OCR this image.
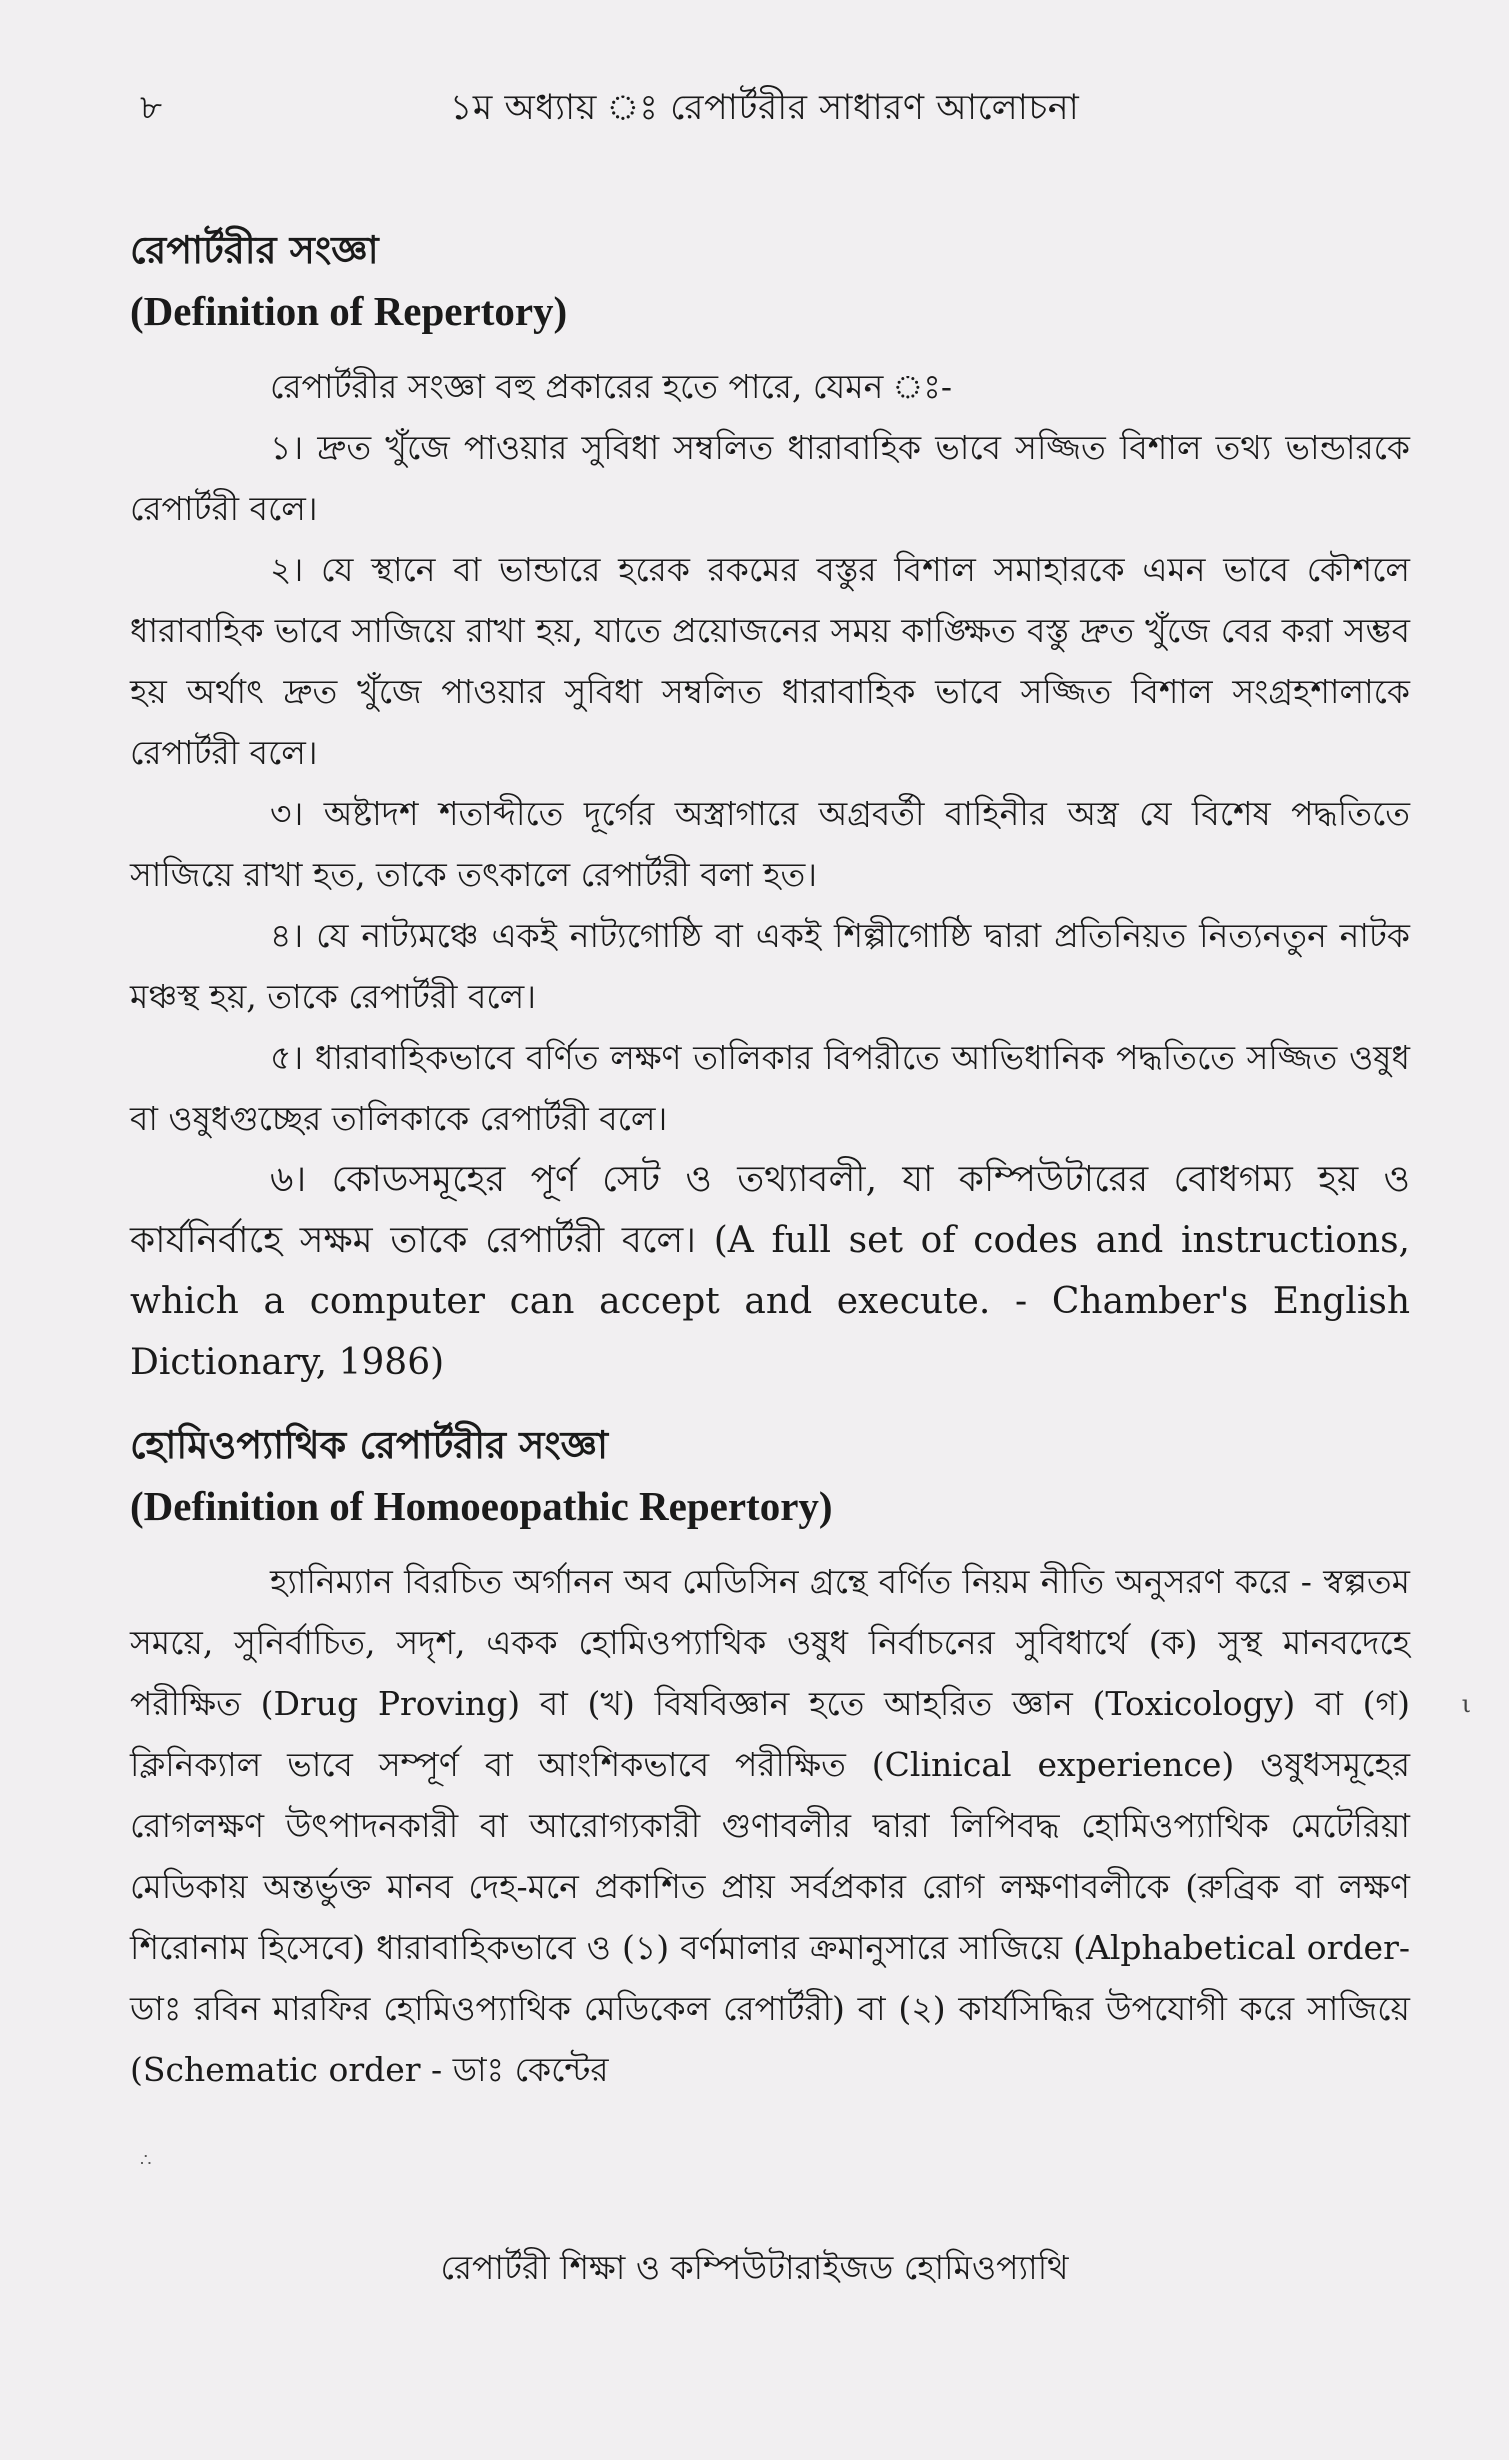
৮	১ম অধ্যায় ঃ রেপার্টরীর সাধারণ আলোচনা
রেপার্টরীর সংজ্ঞা
(Definition of Repertory)

রেপার্টরীর সংজ্ঞা বহু প্রকারের হতে পারে, যেমন ঃ-

১। দ্রুত খুঁজে পাওয়ার সুবিধা সম্বলিত ধারাবাহিক ভাবে সজ্জিত বিশাল তথ্য ভান্ডারকে রেপার্টরী বলে।

২। যে স্থানে বা ভান্ডারে হরেক রকমের বস্তুর বিশাল সমাহারকে এমন ভাবে কৌশলে ধারাবাহিক ভাবে সাজিয়ে রাখা হয়, যাতে প্রয়োজনের সময় কাঙ্ক্ষিত বস্তু দ্রুত খুঁজে বের করা সম্ভব হয় অর্থাৎ দ্রুত খুঁজে পাওয়ার সুবিধা সম্বলিত ধারাবাহিক ভাবে সজ্জিত বিশাল সংগ্রহশালাকে রেপার্টরী বলে।

৩। অষ্টাদশ শতাব্দীতে দূর্গের অস্ত্রাগারে অগ্রবর্তী বাহিনীর অস্ত্র যে বিশেষ পদ্ধতিতে সাজিয়ে রাখা হত, তাকে তৎকালে রেপার্টরী বলা হত।

৪। যে নাট্যমঞ্চে একই নাট্যগোষ্ঠি বা একই শিল্পীগোষ্ঠি দ্বারা প্রতিনিয়ত নিত্যনতুন নাটক মঞ্চস্থ হয়, তাকে রেপার্টরী বলে।

৫। ধারাবাহিকভাবে বর্ণিত লক্ষণ তালিকার বিপরীতে আভিধানিক পদ্ধতিতে সজ্জিত ওষুধ বা ওষুধগুচ্ছের তালিকাকে রেপার্টরী বলে।

৬। কোডসমূহের পূর্ণ সেট ও তথ্যাবলী, যা কম্পিউটারের বোধগম্য হয় ও কার্যনির্বাহে সক্ষম তাকে রেপার্টরী বলে। (A full set of codes and instructions, which a computer can accept and execute. - Chamber's English Dictionary, 1986)

হোমিওপ্যাথিক রেপার্টরীর সংজ্ঞা
(Definition of Homoeopathic Repertory)

হ্যানিম্যান বিরচিত অর্গানন অব মেডিসিন গ্রন্থে বর্ণিত নিয়ম নীতি অনুসরণ করে - স্বল্পতম সময়ে, সুনির্বাচিত, সদৃশ, একক হোমিওপ্যাথিক ওষুধ নির্বাচনের সুবিধার্থে (ক) সুস্থ মানবদেহে পরীক্ষিত (Drug Proving) বা (খ) বিষবিজ্ঞান হতে আহরিত জ্ঞান (Toxicology) বা (গ) ক্লিনিক্যাল ভাবে সম্পূর্ণ বা আংশিকভাবে পরীক্ষিত (Clinical experience) ওষুধসমূহের রোগলক্ষণ উৎপাদনকারী বা আরোগ্যকারী গুণাবলীর দ্বারা লিপিবদ্ধ হোমিওপ্যাথিক মেটেরিয়া মেডিকায় অন্তর্ভুক্ত মানব দেহ-মনে প্রকাশিত প্রায় সর্বপ্রকার রোগ লক্ষণাবলীকে (রুব্রিক বা লক্ষণ শিরোনাম হিসেবে) ধারাবাহিকভাবে ও (১) বর্ণমালার ক্রমানুসারে সাজিয়ে (Alphabetical order- ডাঃ রবিন মারফির হোমিওপ্যাথিক মেডিকেল রেপার্টরী) বা (২) কার্যসিদ্ধির উপযোগী করে সাজিয়ে (Schematic order - ডাঃ কেন্টের

∴
ι
রেপার্টরী শিক্ষা ও কম্পিউটারাইজড হোমিওপ্যাথি
